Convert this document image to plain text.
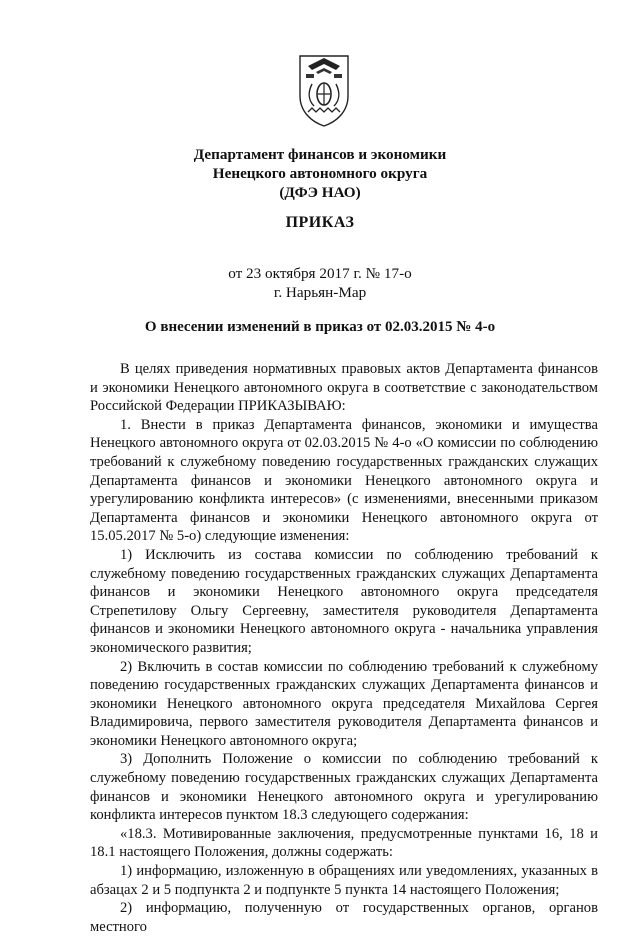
Департамент финансов и экономики
Ненецкого автономного округа
(ДФЭ НАО)
ПРИКАЗ
от 23 октября 2017 г. № 17-о
г. Нарьян-Мар
О внесении изменений в приказ от 02.03.2015 № 4-о

В целях приведения нормативных правовых актов Департамента финансов и экономики Ненецкого автономного округа в соответствие с законодательством Российской Федерации ПРИКАЗЫВАЮ:

1. Внести в приказ Департамента финансов, экономики и имущества Ненецкого автономного округа от 02.03.2015 № 4-о «О комиссии по соблюдению требований к служебному поведению государственных гражданских служащих Департамента финансов и экономики Ненецкого автономного округа и урегулированию конфликта интересов» (с изменениями, внесенными приказом Департамента финансов и экономики Ненецкого автономного округа от 15.05.2017 № 5-о) следующие изменения:

1) Исключить из состава комиссии по соблюдению требований к служебному поведению государственных гражданских служащих Департамента финансов и экономики Ненецкого автономного округа председателя Стрепетилову Ольгу Сергеевну, заместителя руководителя Департамента финансов и экономики Ненецкого автономного округа - начальника управления экономического развития;

2) Включить в состав комиссии по соблюдению требований к служебному поведению государственных гражданских служащих Департамента финансов и экономики Ненецкого автономного округа председателя Михайлова Сергея Владимировича, первого заместителя руководителя Департамента финансов и экономики Ненецкого автономного округа;

3) Дополнить Положение о комиссии по соблюдению требований к служебному поведению государственных гражданских служащих Департамента финансов и экономики Ненецкого автономного округа и урегулированию конфликта интересов пунктом 18.3 следующего содержания:

«18.3. Мотивированные заключения, предусмотренные пунктами 16, 18 и 18.1 настоящего Положения, должны содержать:

1) информацию, изложенную в обращениях или уведомлениях, указанных в абзацах 2 и 5 подпункта 2 и подпункте 5 пункта 14 настоящего Положения;

2) информацию, полученную от государственных органов, органов местного
